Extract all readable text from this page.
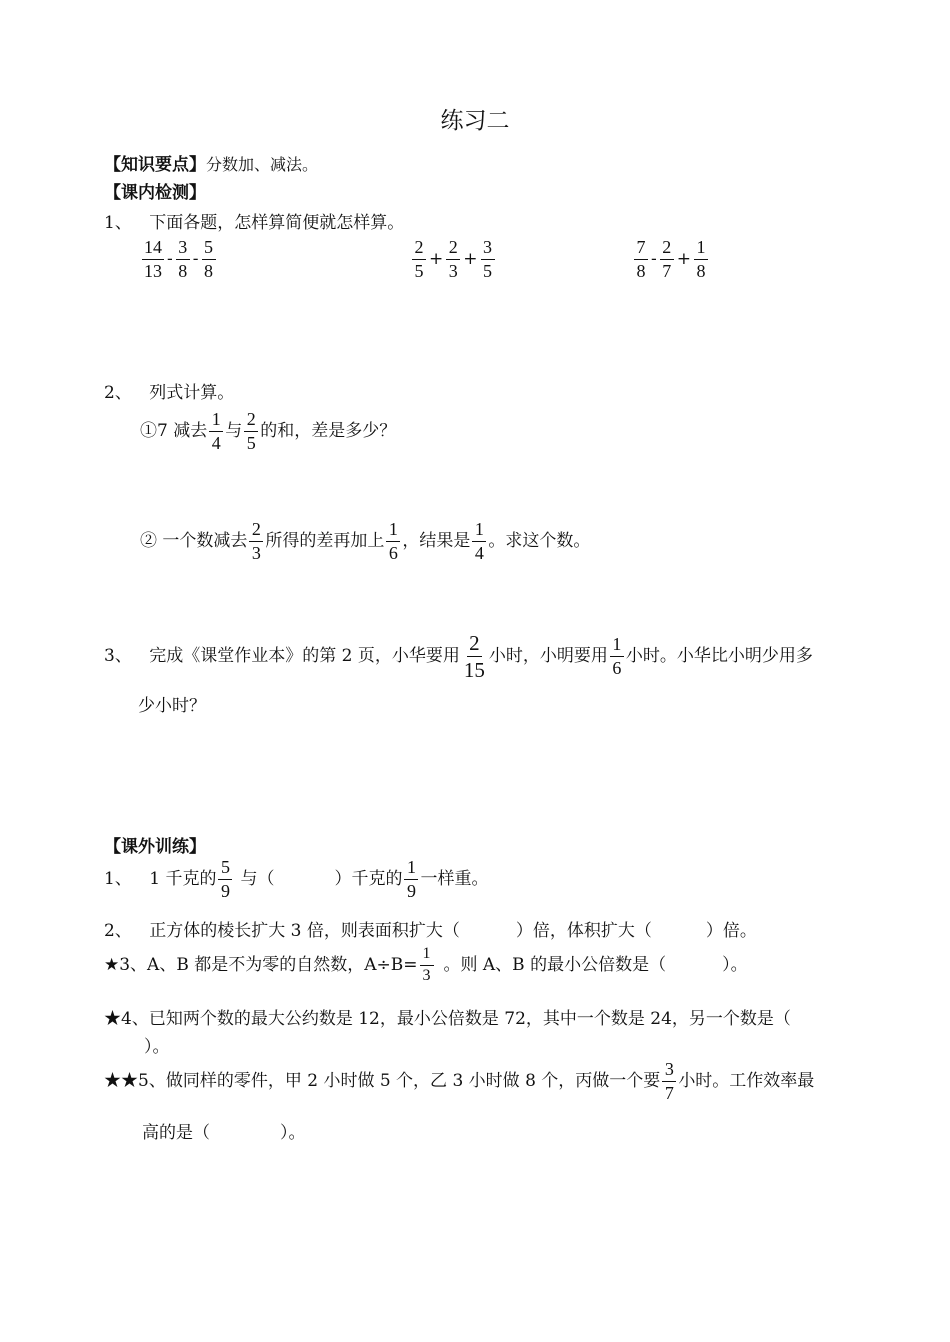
练习二
【知识要点】分数加、减法。
【课内检测】
1、 下面各题，怎样算简便就怎样算。
$\frac{14}{13} - \frac{3}{8} - \frac{5}{8}$	$\frac{2}{5} + \frac{2}{3} + \frac{3}{5}$	$\frac{7}{8} - \frac{2}{7} + \frac{1}{8}$
2、 列式计算。
①7 减去 $\frac{1}{4}$ 与 $\frac{2}{5}$ 的和，差是多少？
② 一个数减去 $\frac{2}{3}$ 所得的差再加上 $\frac{1}{6}$ ，结果是 $\frac{1}{4}$ 。求这个数。
3、 完成《课堂作业本》的第 2 页，小华要用 $\frac{2}{15}$ 小时，小明要用 $\frac{1}{6}$ 小时。小华比小明少用多
少小时？
【课外训练】
1、 1 千克的 $\frac{5}{9}$ 与（	）千克的 $\frac{1}{9}$ 一样重。
2、 正方体的棱长扩大 3 倍，则表面积扩大（	）倍，体积扩大（	）倍。
★3、A、B 都是不为零的自然数，$A\div B= \frac{1}{3}$ 。则 A、B 的最小公倍数是（	）。
★4、已知两个数的最大公约数是 12，最小公倍数是 72，其中一个数是 24，另一个数是（
）。
★★5、做同样的零件，甲 2 小时做 5 个，乙 3 小时做 8 个，丙做一个要 $\frac{3}{7}$ 小时。工作效率最
高的是（	）。
